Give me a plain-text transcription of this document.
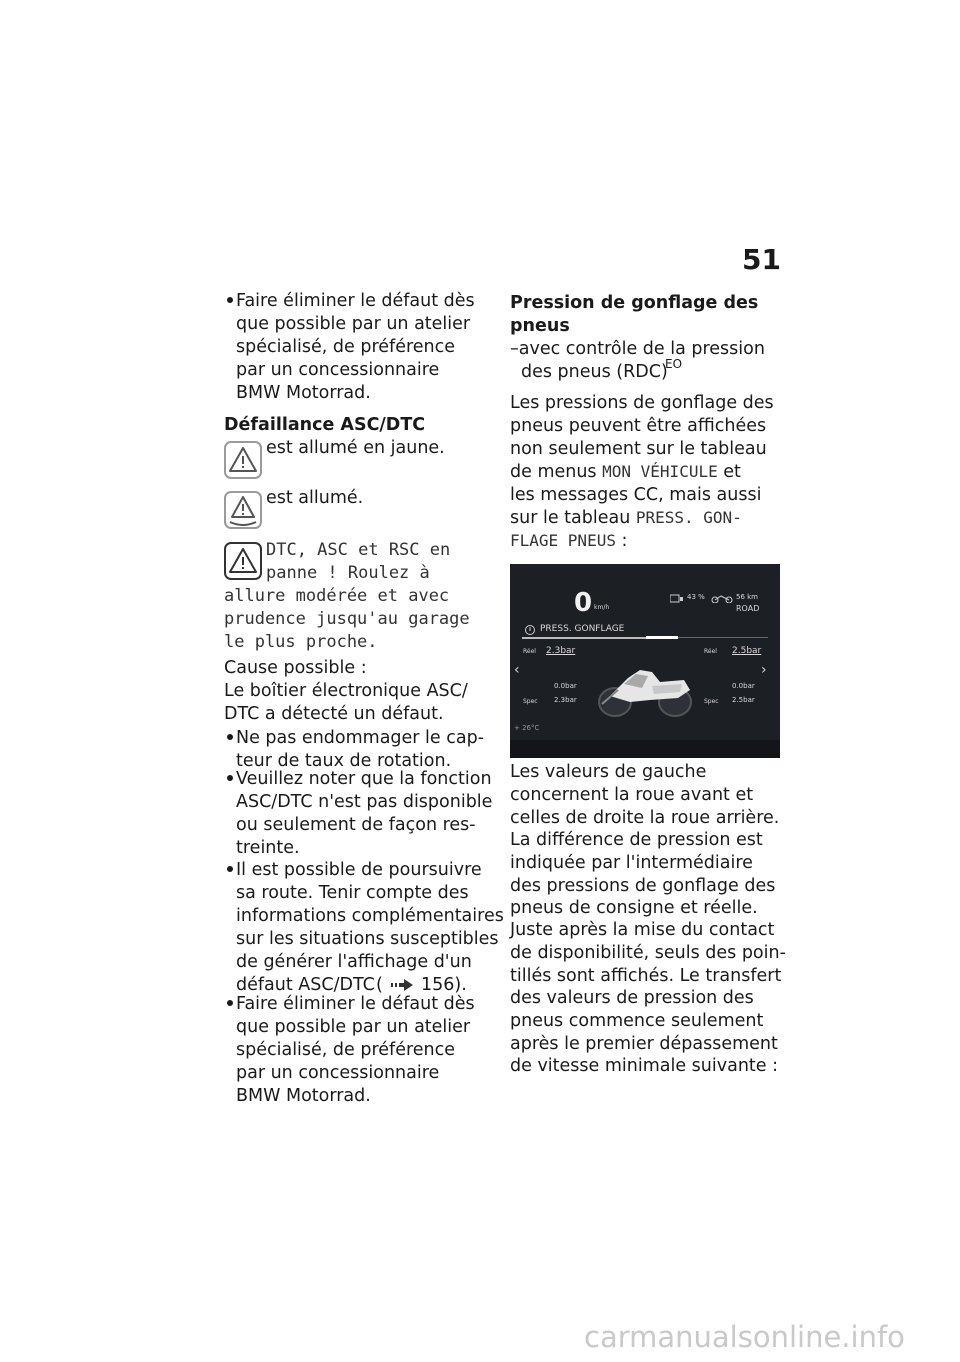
51
Faire éliminer le défaut dès
que possible par un atelier
spécialisé, de préférence
par un concessionnaire
BMW Motorrad.
Défaillance ASC/DTC
est allumé en jaune.
est allumé.
DTC, ASC et RSC en
panne ! Roulez à
allure modérée et avec
prudence jusqu'au garage
le plus proche.
Cause possible :
Le boîtier électronique ASC/
DTC a détecté un défaut.
Ne pas endommager le cap-
teur de taux de rotation.
Veuillez noter que la fonction
ASC/DTC n'est pas disponible
ou seulement de façon res-
treinte.
Il est possible de poursuivre
sa route. Tenir compte des
informations complémentaires
sur les situations susceptibles
de générer l'affichage d'un
défaut ASC/DTC ( 156).
Faire éliminer le défaut dès
que possible par un atelier
spécialisé, de préférence
par un concessionnaire
BMW Motorrad.
Pression de gonflage des
pneus
–avec contrôle de la pression
des pneus (RDC)
EO
Les pressions de gonflage des
pneus peuvent être affichées
non seulement sur le tableau
de menus MON VÉHICULE et
les messages CC, mais aussi
sur le tableau PRESS. GON-
FLAGE PNEUS :
0 km/h
43 %	56 km
ROAD
PRESS. GONFLAGE
‹	›
Réel 2.3bar	Réel 2.5bar
0.0bar	0.0bar
Spec 2.3bar	Spec 2.5bar
+ 26°C
Les valeurs de gauche
concernent la roue avant et
celles de droite la roue arrière.
La différence de pression est
indiquée par l'intermédiaire
des pressions de gonflage des
pneus de consigne et réelle.
Juste après la mise du contact
de disponibilité, seuls des poin-
tillés sont affichés. Le transfert
des valeurs de pression des
pneus commence seulement
après le premier dépassement
de vitesse minimale suivante :
carmanualsonline.info
